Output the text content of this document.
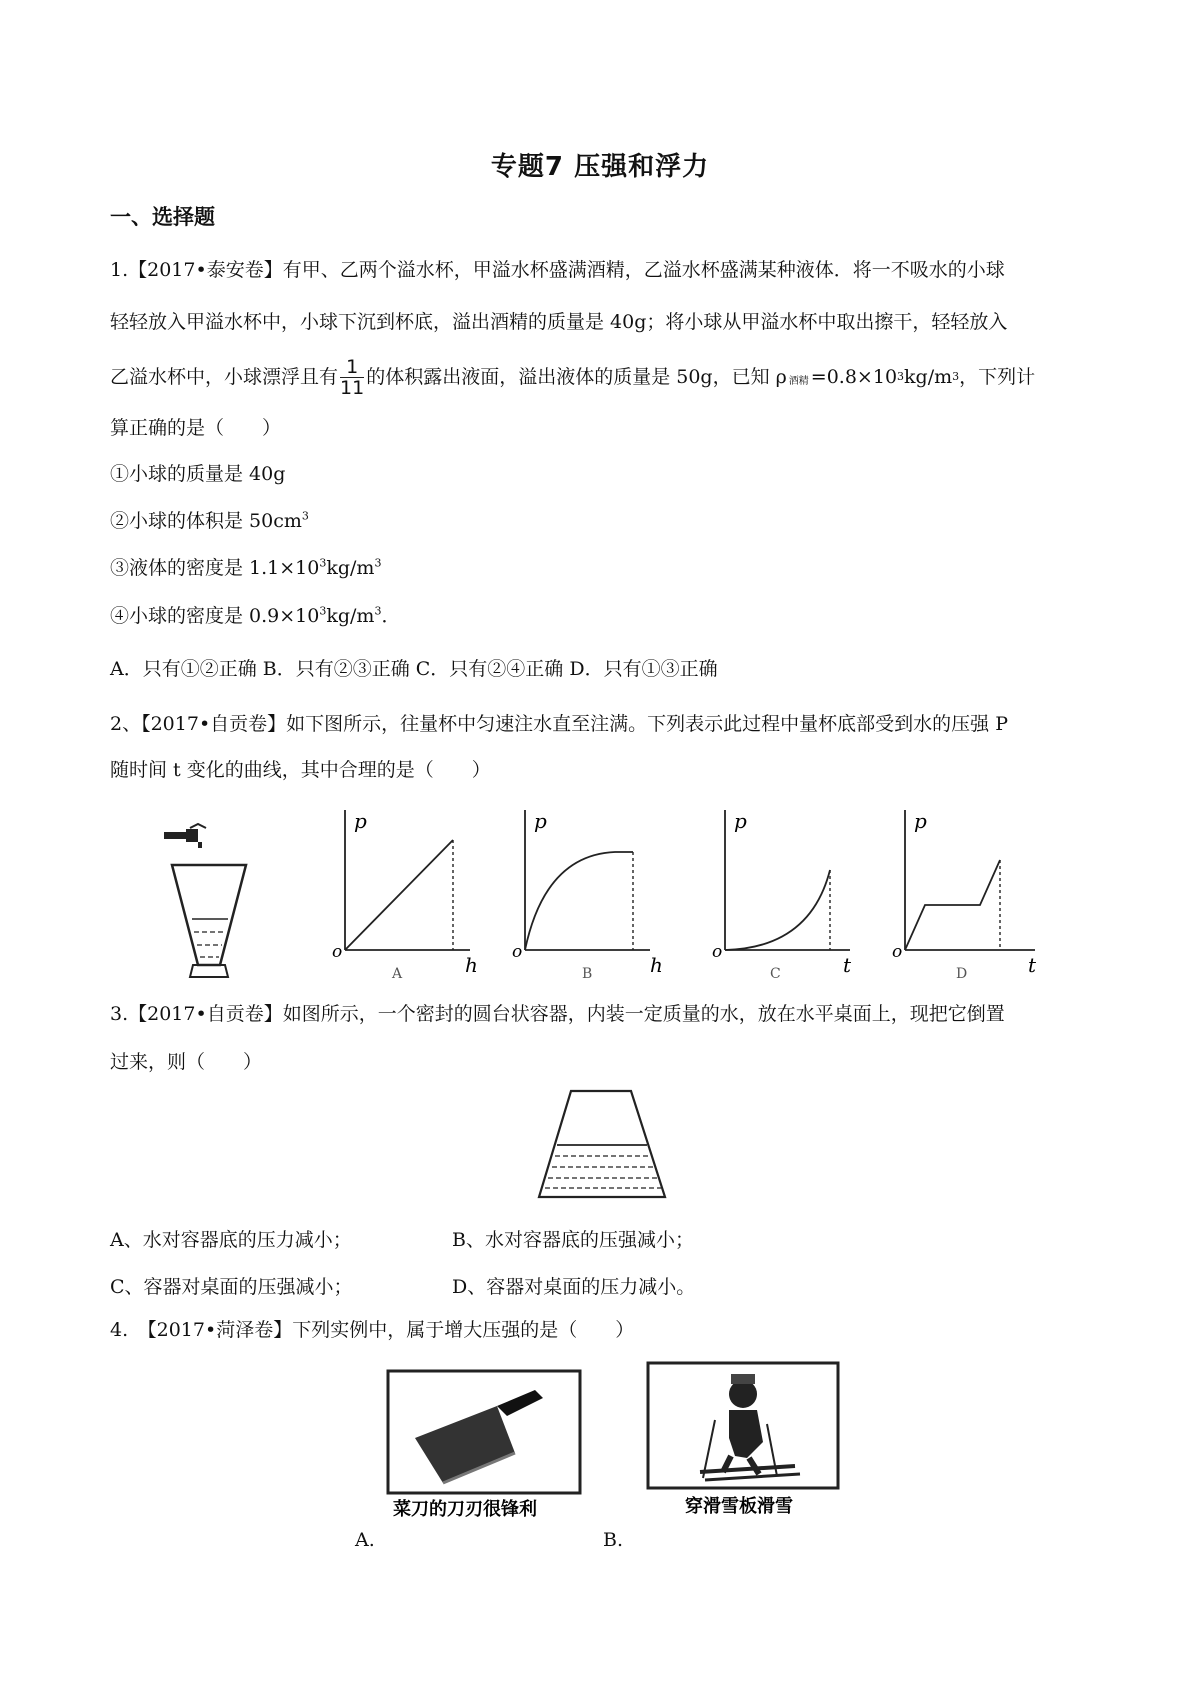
专题7 压强和浮力
一、选择题
1.【2017•泰安卷】有甲、乙两个溢水杯，甲溢水杯盛满酒精，乙溢水杯盛满某种液体．将一不吸水的小球
轻轻放入甲溢水杯中，小球下沉到杯底，溢出酒精的质量是 40g；将小球从甲溢水杯中取出擦干，轻轻放入
乙溢水杯中，小球漂浮且有 $\frac{1}{11}$ 的体积露出液面，溢出液体的质量是 50g，已知 ρ 酒精 =0.8×10 3 kg/m 3 ，下列计
算正确的是（　　）
①小球的质量是 40g
②小球的体积是 $50cm^3$
③液体的密度是 $1.1\times 10^3kg/m^3$
④小球的密度是 $0.9\times 10^3kg/m^3$．
A．只有①②正确 B．只有②③正确 C．只有②④正确 D．只有①③正确
2、【2017•自贡卷】如下图所示，往量杯中匀速注水直至注满。下列表示此过程中量杯底部受到水的压强 P
随时间 t 变化的曲线，其中合理的是（　　）
p
o
h
A
p
o
h
B
p
o
t
C
p
o
t
D
3.【2017•自贡卷】如图所示，一个密封的圆台状容器，内装一定质量的水，放在水平桌面上，现把它倒置
过来，则（　　）
A、水对容器底的压力减小；	B、水对容器底的压强减小；
C、容器对桌面的压强减小；	D、容器对桌面的压力减小。
4.　【2017•菏泽卷】下列实例中，属于增大压强的是（　　）
菜刀的刀刃很锋利
A.	B.
穿滑雪板滑雪
